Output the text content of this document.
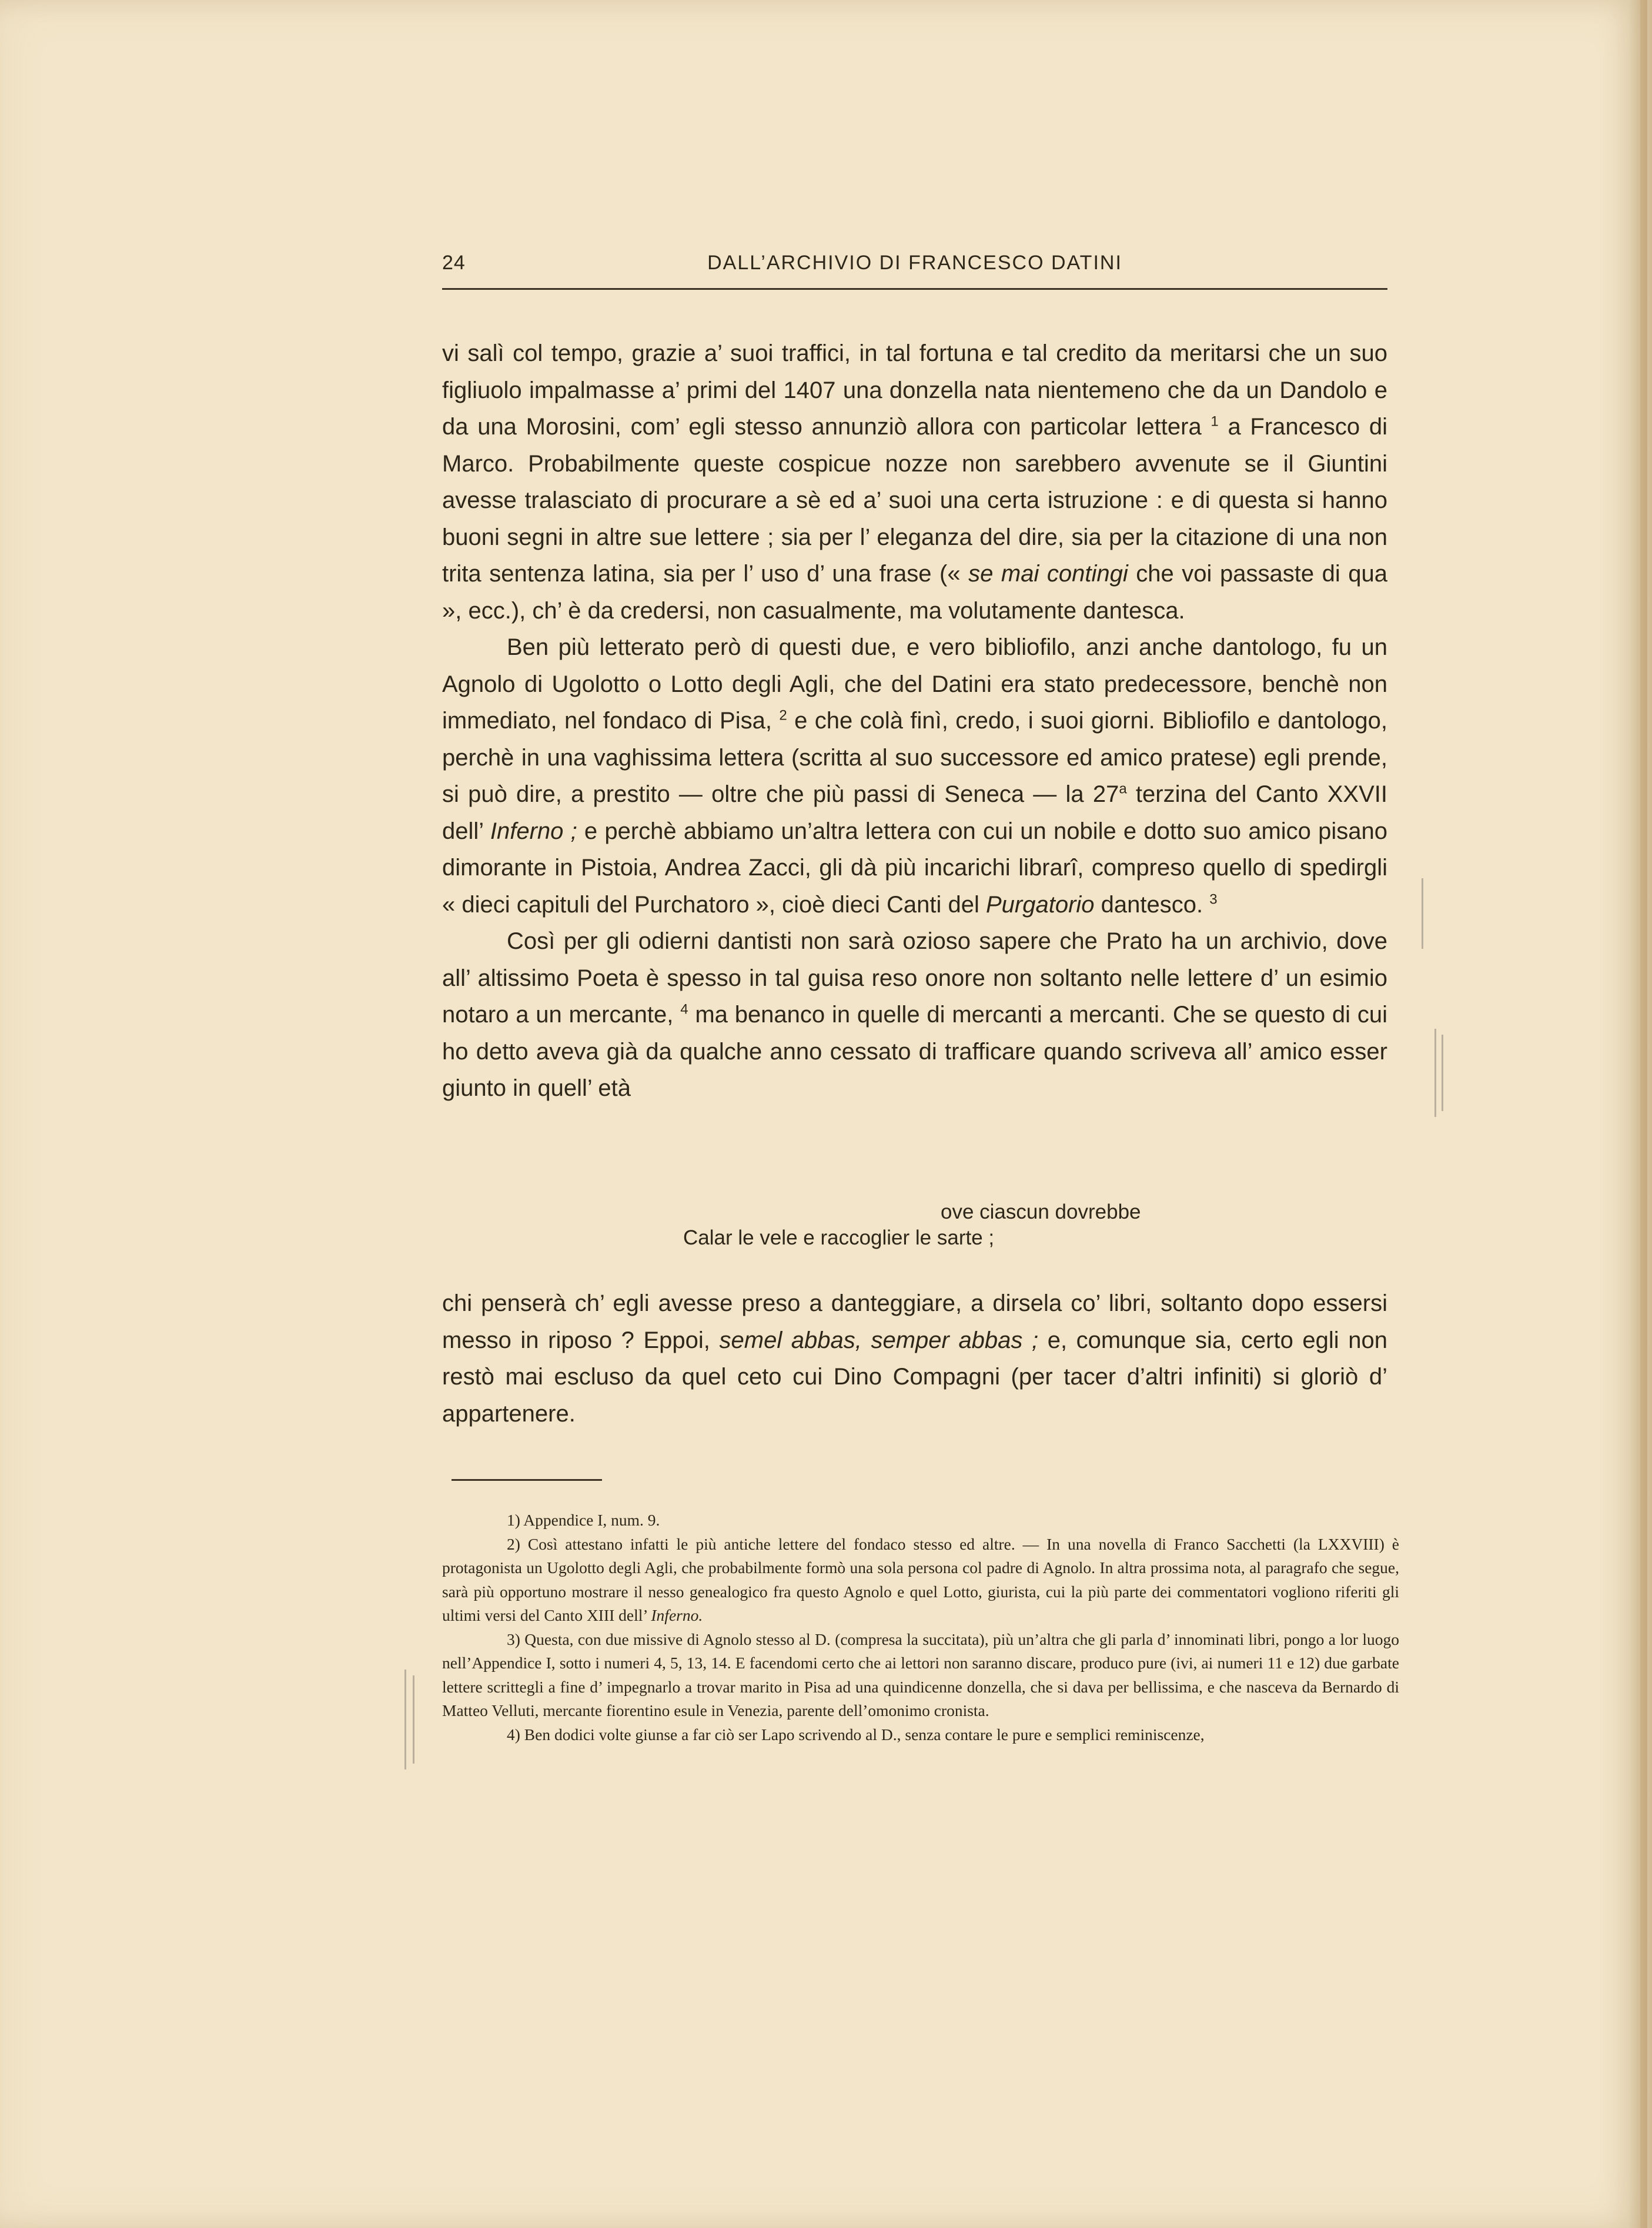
24	DALL’ARCHIVIO DI FRANCESCO DATINI

vi salì col tempo, grazie a’ suoi traffici, in tal fortuna e tal credito da meritarsi che un suo figliuolo impalmasse a’ primi del 1407 una donzella nata nientemeno che da un Dandolo e da una Morosini, com’ egli stesso annunziò allora con particolar lettera $^1$ a Francesco di Marco. Probabilmente queste cospicue nozze non sarebbero avvenute se il Giuntini avesse tralasciato di procurare a sè ed a’ suoi una certa istruzione : e di questa si hanno buoni segni in altre sue lettere ; sia per l’ eleganza del dire, sia per la citazione di una non trita sentenza latina, sia per l’ uso d’ una frase (« se mai contingi che voi passaste di qua », ecc.), ch’ è da credersi, non casualmente, ma volutamente dantesca.

Ben più letterato però di questi due, e vero bibliofilo, anzi anche dantologo, fu un Agnolo di Ugolotto o Lotto degli Agli, che del Datini era stato predecessore, benchè non immediato, nel fondaco di Pisa, $^2$ e che colà finì, credo, i suoi giorni. Bibliofilo e dantologo, perchè in una vaghissima lettera (scritta al suo successore ed amico pratese) egli prende, si può dire, a prestito — oltre che più passi di Seneca — la 27$^a$ terzina del Canto XXVII dell’ Inferno ; e perchè abbiamo un’altra lettera con cui un nobile e dotto suo amico pisano dimorante in Pistoia, Andrea Zacci, gli dà più incarichi librarî, compreso quello di spedirgli « dieci capituli del Purchatoro », cioè dieci Canti del Purgatorio dantesco. $^3$

Così per gli odierni dantisti non sarà ozioso sapere che Prato ha un archivio, dove all’ altissimo Poeta è spesso in tal guisa reso onore non soltanto nelle lettere d’ un esimio notaro a un mercante, $^4$ ma benanco in quelle di mercanti a mercanti. Che se questo di cui ho detto aveva già da qualche anno cessato di trafficare quando scriveva all’ amico esser giunto in quell’ età

ove ciascun dovrebbe
Calar le vele e raccoglier le sarte ;

chi penserà ch’ egli avesse preso a danteggiare, a dirsela co’ libri, soltanto dopo essersi messo in riposo ? Eppoi, semel abbas, semper abbas ; e, comunque sia, certo egli non restò mai escluso da quel ceto cui Dino Compagni (per tacer d’altri infiniti) si gloriò d’ appartenere.

1) Appendice I, num. 9.

2) Così attestano infatti le più antiche lettere del fondaco stesso ed altre. — In una novella di Franco Sacchetti (la LXXVIII) è protagonista un Ugolotto degli Agli, che probabilmente formò una sola persona col padre di Agnolo. In altra prossima nota, al paragrafo che segue, sarà più opportuno mostrare il nesso genealogico fra questo Agnolo e quel Lotto, giurista, cui la più parte dei commentatori vogliono riferiti gli ultimi versi del Canto XIII dell’ Inferno.

3) Questa, con due missive di Agnolo stesso al D. (compresa la succitata), più un’altra che gli parla d’ innominati libri, pongo a lor luogo nell’Appendice I, sotto i numeri 4, 5, 13, 14. E facendomi certo che ai lettori non saranno discare, produco pure (ivi, ai numeri 11 e 12) due garbate lettere scrittegli a fine d’ impegnarlo a trovar marito in Pisa ad una quindicenne donzella, che si dava per bellissima, e che nasceva da Bernardo di Matteo Velluti, mercante fiorentino esule in Venezia, parente dell’omonimo cronista.

4) Ben dodici volte giunse a far ciò ser Lapo scrivendo al D., senza contare le pure e semplici reminiscenze,
